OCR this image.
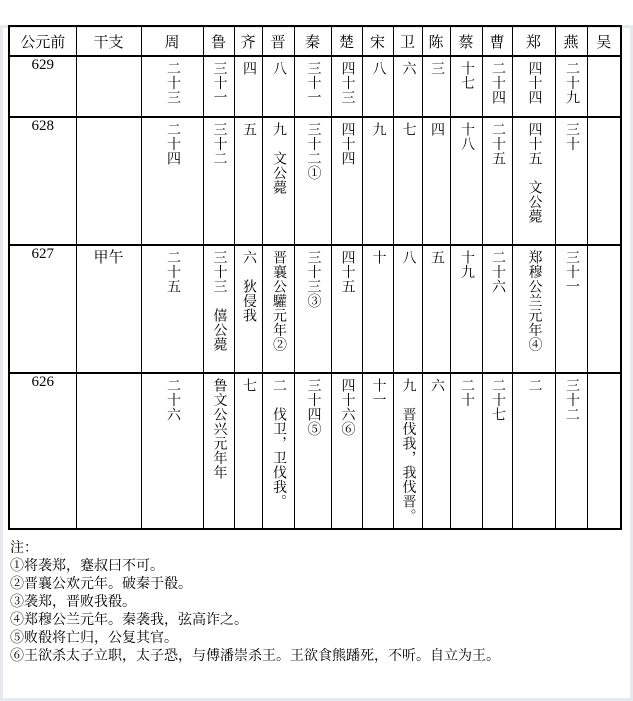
公元前	干支	周	鲁	齐	晋	秦	楚	宋	卫	陈	蔡	曹	郑	燕	吴
629		二十三	三十一	四	八	三十一	四十三	八	六	三	十七	二十四	四十四	二十九	
628		二十四	三十二	五	九　文公薨	三十二①	四十四	九	七	四	十八	二十五	四十五　文公薨	三十	
627	甲午	二十五	三十三　僖公薨	六　狄侵我	晋襄公驩元年②	三十三③	四十五	十	八	五	十九	二十六	郑穆公兰元年④	三十一	
626		二十六	鲁文公兴元年年	七	二　伐卫，卫伐我。	三十四⑤	四十六⑥	十一	九　晋伐我，我伐晋。	六	二十	二十七	二	三十二	
注：
①将袭郑，蹇叔曰不可。
②晋襄公欢元年。破秦于殽。
③袭郑，晋败我殽。
④郑穆公兰元年。秦袭我，弦高诈之。
⑤败殽将亡归，公复其官。
⑥王欲杀太子立职，太子恐，与傅潘崇杀王。王欲食熊蹯死，不听。自立为王。
